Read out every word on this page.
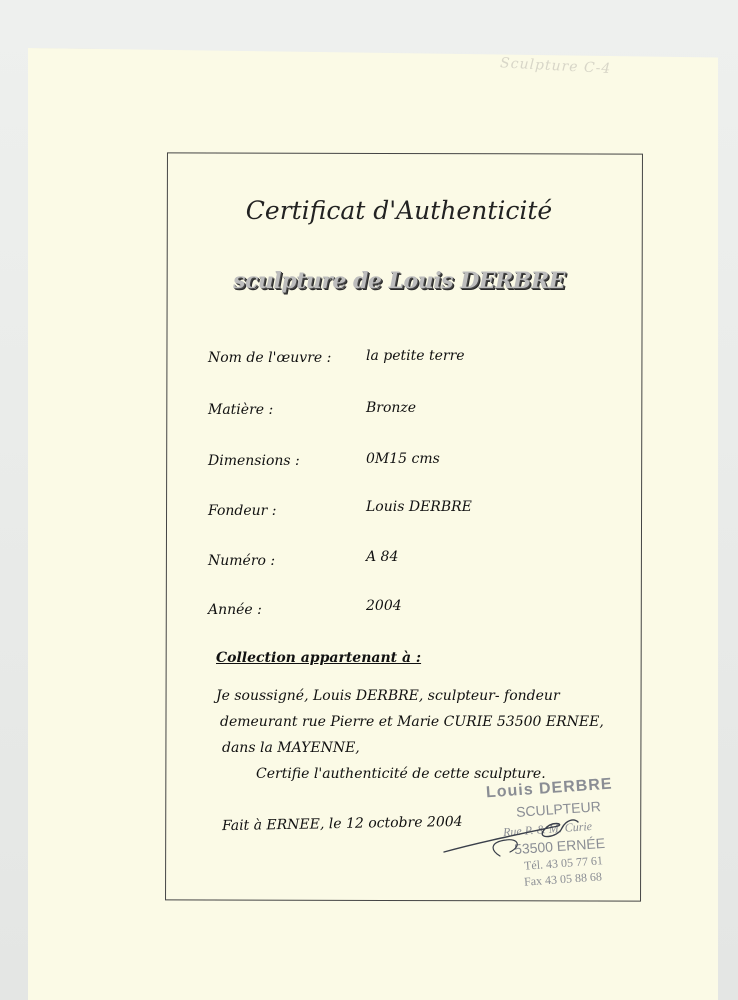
Sculpture C-4
Certificat d'Authenticité
sculpture de Louis DERBRE
Nom de l'œuvre : la petite terre
Matière :	Bronze
Dimensions :	0M15 cms
Fondeur :	Louis DERBRE
Numéro :	A 84
Année :	2004
Collection appartenant à :
Je soussigné, Louis DERBRE, sculpteur- fondeur
demeurant rue Pierre et Marie CURIE 53500 ERNEE,
dans la MAYENNE,
Certifie l'authenticité de cette sculpture.
Fait à ERNEE, le 12 octobre 2004
Louis DERBRE
SCULPTEUR
Rue P. & M. Curie
53500 ERNÉE
Tél. 43 05 77 61
Fax 43 05 88 68
